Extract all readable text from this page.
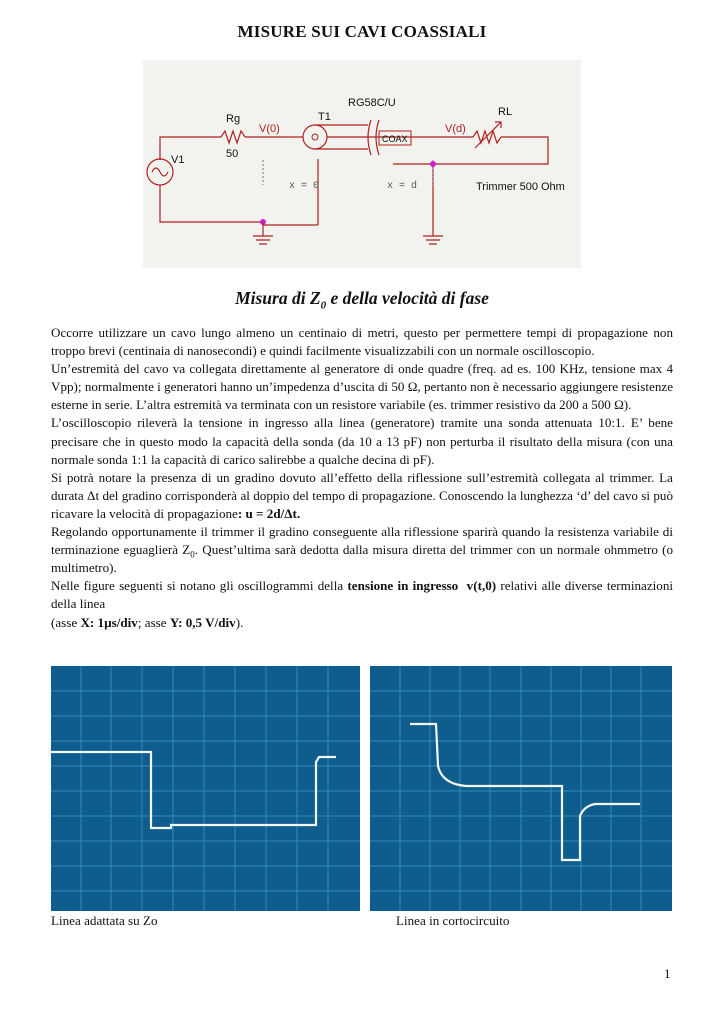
MISURE SUI CAVI COASSIALI
Rg
50
V1
V(0)
T1
RG58C/U
COAX
V(d)
RL
x = 0	x = d	Trimmer 500 Ohm
Misura di $Z_0$ e della velocità di fase

Occorre utilizzare un cavo lungo almeno un centinaio di metri, questo per permettere tempi di propagazione non troppo brevi (centinaia di nanosecondi) e quindi facilmente visualizzabili con un normale oscilloscopio.

Un’estremità del cavo va collegata direttamente al generatore di onde quadre (freq. ad es. 100 KHz, tensione max 4 Vpp); normalmente i generatori hanno un’impedenza d’uscita di 50 Ω, pertanto non è necessario aggiungere resistenze esterne in serie. L’altra estremità va terminata con un resistore variabile (es. trimmer resistivo da 200 a 500 Ω).

L’oscilloscopio rileverà la tensione in ingresso alla linea (generatore) tramite una sonda attenuata 10:1. E’ bene precisare che in questo modo la capacità della sonda (da 10 a 13 pF) non perturba il risultato della misura (con una normale sonda 1:1 la capacità di carico salirebbe a qualche decina di pF).

Si potrà notare la presenza di un gradino dovuto all’effetto della riflessione sull’estremità collegata al trimmer. La durata Δt del gradino corrisponderà al doppio del tempo di propagazione. Conoscendo la lunghezza ‘d’ del cavo si può ricavare la velocità di propagazione: u = 2d/Δt.

Regolando opportunamente il trimmer il gradino conseguente alla riflessione sparirà quando la resistenza variabile di terminazione eguaglierà $Z_0$. Quest’ultima sarà dedotta dalla misura diretta del trimmer con un normale ohmmetro (o multimetro).

Nelle figure seguenti si notano gli oscillogrammi della tensione in ingresso v(t,0) relativi alle diverse terminazioni della linea

(asse X: 1µs/div; asse Y: 0,5 V/div).

Linea adattata su Zo	Linea in cortocircuito
1
